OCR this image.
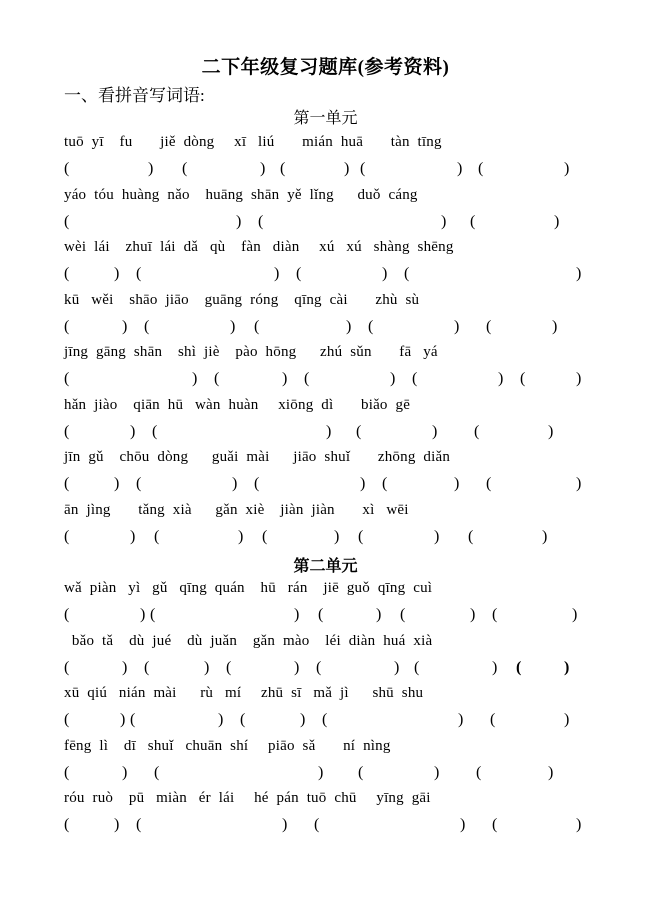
二下年级复习题库(参考资料)
一、看拼音写词语:
第一单元
tuō  yī    fu       jiě  dòng     xī   liú       mián  huā       tàn  tīng
(	) (	) (	) (	) (	)
yáo  tóu  huàng  nǎo    huāng  shān  yě  lǐng      duǒ  cáng
(	) (	) (	)
wèi  lái    zhuī  lái  dǎ   qù    fàn   diàn     xú   xú   shàng  shēng
(	) (	) (	) (	)
kū   wěi    shāo  jiāo    guāng  róng    qīng  cài       zhù  sù
(	) (	) (	) (	) (	)
jīng  gāng  shān    shì  jiè    pào  hōng      zhú  sǔn       fā   yá
(	) (	) (	) (	) (	)
hǎn  jiào    qiān  hū   wàn  huàn     xiōng  dì       biǎo  gē
(	) (	) (	) (	)
jīn  gǔ    chōu  dòng      guǎi  mài      jiāo  shuǐ       zhōng  diǎn
(	) (	) (	) (	) (	)
ān  jìng       tǎng  xià      gǎn  xiè    jiàn  jiàn       xì   wēi
(	) (	) (	) (	) (	)
第二单元
wǎ  piàn   yì   gǔ   qīng  quán    hū   rán    jiē  guǒ  qīng  cuì
(	) (	) (	) (	) (	)
bǎo  tǎ    dù  jué    dù  juǎn    gǎn  mào    léi  diàn  huá  xià
(	) (	) (	) (	) (	) (	)
xū  qiú   nián  mài      rù   mí     zhū  sī   mǎ  jì      shū  shu
(	) (	) (	) (	) (	)
fēng  lì    dī   shuǐ   chuān  shí     piāo  sǎ       ní  nìng
(	) (	) (	) (	)
róu  ruò    pū   miàn   ér  lái     hé  pán  tuō  chū     yīng  gāi
(	) (	) (	) (	)
